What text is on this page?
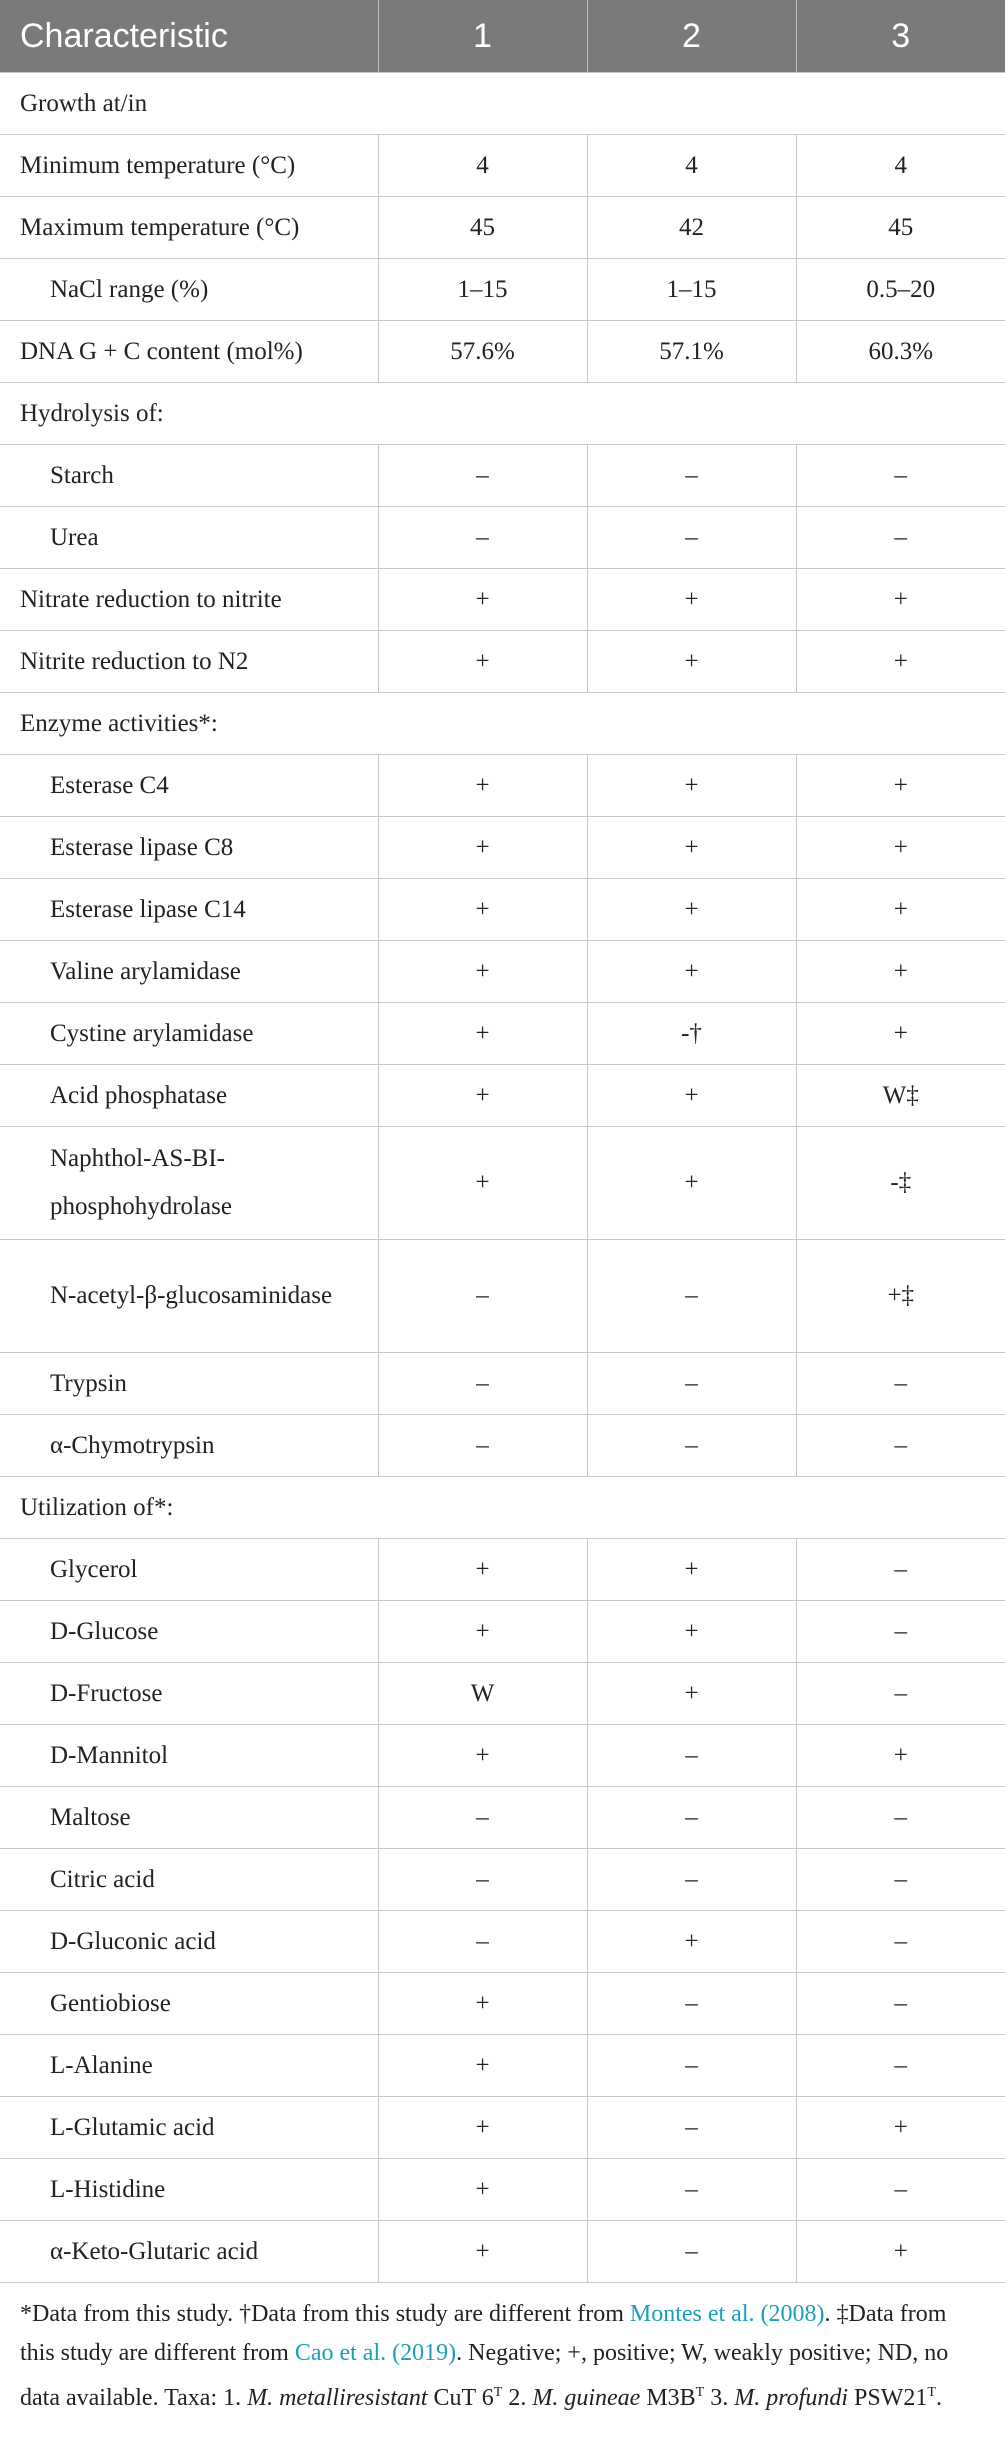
Characteristic	1	2	3
Growth at/in			
Minimum temperature (°C)	4	4	4
Maximum temperature (°C)	45	42	45
NaCl range (%)	1–15	1–15	0.5–20
DNA G + C content (mol%)	57.6%	57.1%	60.3%
Hydrolysis of:			
Starch	–	–	–
Urea	–	–	–
Nitrate reduction to nitrite	+	+	+
Nitrite reduction to N2	+	+	+
Enzyme activities*:			
Esterase C4	+	+	+
Esterase lipase C8	+	+	+
Esterase lipase C14	+	+	+
Valine arylamidase	+	+	+
Cystine arylamidase	+	-†	+
Acid phosphatase	+	+	W‡
Naphthol-AS-BI-phosphohydrolase	+	+	-‡
N-acetyl-β-glucosaminidase	–	–	+‡
Trypsin	–	–	–
α-Chymotrypsin	–	–	–
Utilization of*:			
Glycerol	+	+	–
D-Glucose	+	+	–
D-Fructose	W	+	–
D-Mannitol	+	–	+
Maltose	–	–	–
Citric acid	–	–	–
D-Gluconic acid	–	+	–
Gentiobiose	+	–	–
L-Alanine	+	–	–
L-Glutamic acid	+	–	+
L-Histidine	+	–	–
α-Keto-Glutaric acid	+	–	+
*Data from this study. †Data from this study are different from Montes et al. (2008). ‡Data from this study are different from Cao et al. (2019). Negative; +, positive; W, weakly positive; ND, no data available. Taxa: 1. M. metalliresistant CuT $6^T$ 2. M. guineae $M3B^T$ 3. M. profundi $PSW21^T$.
